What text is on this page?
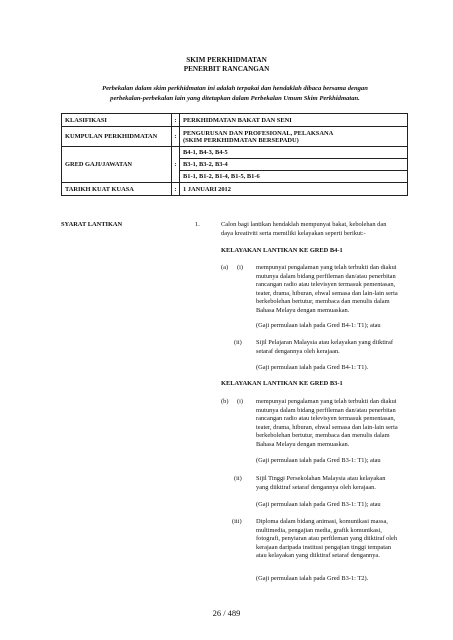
SKIM PERKHIDMATAN
PENERBIT RANCANGAN
Perbekalan dalam skim perkhidmatan ini adalah terpakai dan hendaklah dibaca bersama dengan
perbekalan-perbekalan lain yang ditetapkan dalam Perbekalan Umum Skim Perkhidmatan.
KLASIFIKASI	:	PERKHIDMATAN BAKAT DAN SENI
KUMPULAN PERKHIDMATAN	:	PENGURUSAN DAN PROFESIONAL, PELAKSANA
(SKIM PERKHIDMATAN BERSEPADU)

GRED GAJI/JAWATAN	:	B4-1, B4-3, B4-5
		B3-1, B3-2, B3-4
		B1-1, B1-2, B1-4, B1-5, B1-6
TARIKH KUAT KUASA	:	1 JANUARI 2012
SYARAT LANTIKAN	1.	Calon bagi lantikan hendaklah mempunyai bakat, kebolehan dan
daya kreativiti serta memiliki kelayakan seperti berikut:-
KELAYAKAN LANTIKAN KE GRED B4-1
(a) (i) mempunyai pengalaman yang telah terbukti dan diakui
mutunya dalam bidang perfileman dan/atau penerbitan
rancangan radio atau televisyen termasuk pementasan,
teater, drama, hiburan, ehwal semasa dan lain-lain serta
berkebolehan bertutur, membaca dan menulis dalam
Bahasa Melayu dengan memuaskan.
(Gaji permulaan ialah pada Gred B4-1: T1); atau
(ii) Sijil Pelajaran Malaysia atau kelayakan yang diiktiraf
setaraf dengannya oleh kerajaan.
(Gaji permulaan ialah pada Gred B4-1: T1).
KELAYAKAN LANTIKAN KE GRED B3-1
(b) (i) mempunyai pengalaman yang telah terbukti dan diakui
mutunya dalam bidang perfileman dan/atau penerbitan
rancangan radio atau televisyen termasuk pementasan,
teater, drama, hiburan, ehwal semasa dan lain-lain serta
berkebolehan bertutur, membaca dan menulis dalam
Bahasa Melayu dengan memuaskan.
(Gaji permulaan ialah pada Gred B3-1: T1); atau
(ii) Sijil Tinggi Persekolahan Malaysia atau kelayakan
yang diiktiraf setaraf dengannya oleh kerajaan.
(Gaji permulaan ialah pada Gred B3-1: T1); atau
(iii) Diploma dalam bidang animasi, komunikasi massa,
multimedia, pengajian media, grafik komunikasi,
fotografi, penyiaran atau perfileman yang diiktiraf oleh
kerajaan daripada institusi pengajian tinggi tempatan
atau kelayakan yang diiktiraf setaraf dengannya.
(Gaji permulaan ialah pada Gred B3-1: T2).
26 / 489
